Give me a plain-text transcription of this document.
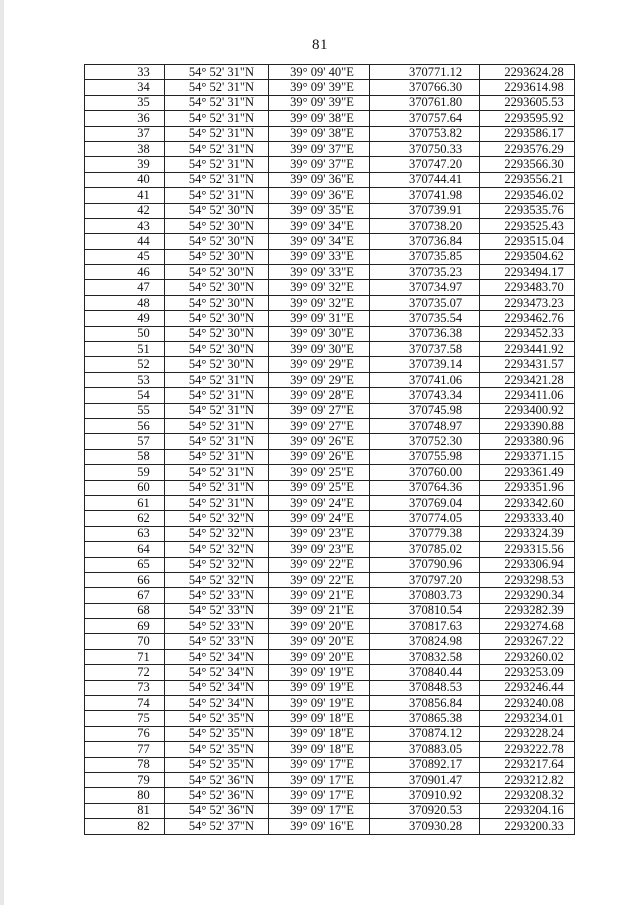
81
33	54° 52' 31"N	39° 09' 40"E	370771.12	2293624.28
34	54° 52' 31"N	39° 09' 39"E	370766.30	2293614.98
35	54° 52' 31"N	39° 09' 39"E	370761.80	2293605.53
36	54° 52' 31"N	39° 09' 38"E	370757.64	2293595.92
37	54° 52' 31"N	39° 09' 38"E	370753.82	2293586.17
38	54° 52' 31"N	39° 09' 37"E	370750.33	2293576.29
39	54° 52' 31"N	39° 09' 37"E	370747.20	2293566.30
40	54° 52' 31"N	39° 09' 36"E	370744.41	2293556.21
41	54° 52' 31"N	39° 09' 36"E	370741.98	2293546.02
42	54° 52' 30"N	39° 09' 35"E	370739.91	2293535.76
43	54° 52' 30"N	39° 09' 34"E	370738.20	2293525.43
44	54° 52' 30"N	39° 09' 34"E	370736.84	2293515.04
45	54° 52' 30"N	39° 09' 33"E	370735.85	2293504.62
46	54° 52' 30"N	39° 09' 33"E	370735.23	2293494.17
47	54° 52' 30"N	39° 09' 32"E	370734.97	2293483.70
48	54° 52' 30"N	39° 09' 32"E	370735.07	2293473.23
49	54° 52' 30"N	39° 09' 31"E	370735.54	2293462.76
50	54° 52' 30"N	39° 09' 30"E	370736.38	2293452.33
51	54° 52' 30"N	39° 09' 30"E	370737.58	2293441.92
52	54° 52' 30"N	39° 09' 29"E	370739.14	2293431.57
53	54° 52' 31"N	39° 09' 29"E	370741.06	2293421.28
54	54° 52' 31"N	39° 09' 28"E	370743.34	2293411.06
55	54° 52' 31"N	39° 09' 27"E	370745.98	2293400.92
56	54° 52' 31"N	39° 09' 27"E	370748.97	2293390.88
57	54° 52' 31"N	39° 09' 26"E	370752.30	2293380.96
58	54° 52' 31"N	39° 09' 26"E	370755.98	2293371.15
59	54° 52' 31"N	39° 09' 25"E	370760.00	2293361.49
60	54° 52' 31"N	39° 09' 25"E	370764.36	2293351.96
61	54° 52' 31"N	39° 09' 24"E	370769.04	2293342.60
62	54° 52' 32"N	39° 09' 24"E	370774.05	2293333.40
63	54° 52' 32"N	39° 09' 23"E	370779.38	2293324.39
64	54° 52' 32"N	39° 09' 23"E	370785.02	2293315.56
65	54° 52' 32"N	39° 09' 22"E	370790.96	2293306.94
66	54° 52' 32"N	39° 09' 22"E	370797.20	2293298.53
67	54° 52' 33"N	39° 09' 21"E	370803.73	2293290.34
68	54° 52' 33"N	39° 09' 21"E	370810.54	2293282.39
69	54° 52' 33"N	39° 09' 20"E	370817.63	2293274.68
70	54° 52' 33"N	39° 09' 20"E	370824.98	2293267.22
71	54° 52' 34"N	39° 09' 20"E	370832.58	2293260.02
72	54° 52' 34"N	39° 09' 19"E	370840.44	2293253.09
73	54° 52' 34"N	39° 09' 19"E	370848.53	2293246.44
74	54° 52' 34"N	39° 09' 19"E	370856.84	2293240.08
75	54° 52' 35"N	39° 09' 18"E	370865.38	2293234.01
76	54° 52' 35"N	39° 09' 18"E	370874.12	2293228.24
77	54° 52' 35"N	39° 09' 18"E	370883.05	2293222.78
78	54° 52' 35"N	39° 09' 17"E	370892.17	2293217.64
79	54° 52' 36"N	39° 09' 17"E	370901.47	2293212.82
80	54° 52' 36"N	39° 09' 17"E	370910.92	2293208.32
81	54° 52' 36"N	39° 09' 17"E	370920.53	2293204.16
82	54° 52' 37"N	39° 09' 16"E	370930.28	2293200.33
